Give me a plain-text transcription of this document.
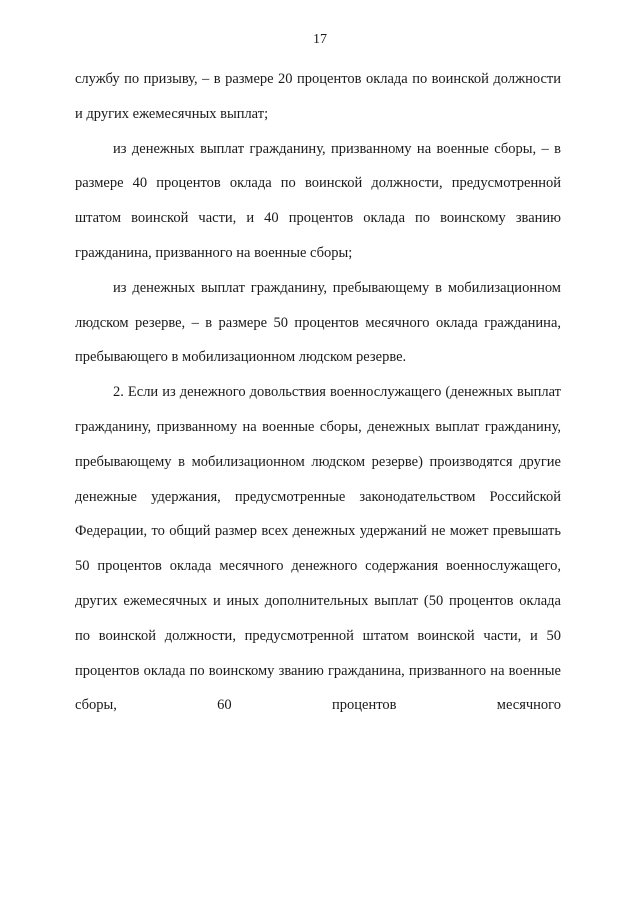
17

службу по призыву, – в размере 20 процентов оклада по воинской должности и других ежемесячных выплат;

из денежных выплат гражданину, призванному на военные сборы, – в размере 40 процентов оклада по воинской должности, предусмотренной штатом воинской части, и 40 процентов оклада по воинскому званию гражданина, призванного на военные сборы;

из денежных выплат гражданину, пребывающему в мобилизационном людском резерве, – в размере 50 процентов месячного оклада гражданина, пребывающего в мобилизационном людском резерве.

2. Если из денежного довольствия военнослужащего (денежных выплат гражданину, призванному на военные сборы, денежных выплат гражданину, пребывающему в мобилизационном людском резерве) производятся другие денежные удержания, предусмотренные законодательством Российской Федерации, то общий размер всех денежных удержаний не может превышать 50 процентов оклада месячного денежного содержания военнослужащего, других ежемесячных и иных дополнительных выплат (50 процентов оклада по воинской должности, предусмотренной штатом воинской части, и 50 процентов оклада по воинскому званию гражданина, призванного на военные сборы, 60 процентов месячного
